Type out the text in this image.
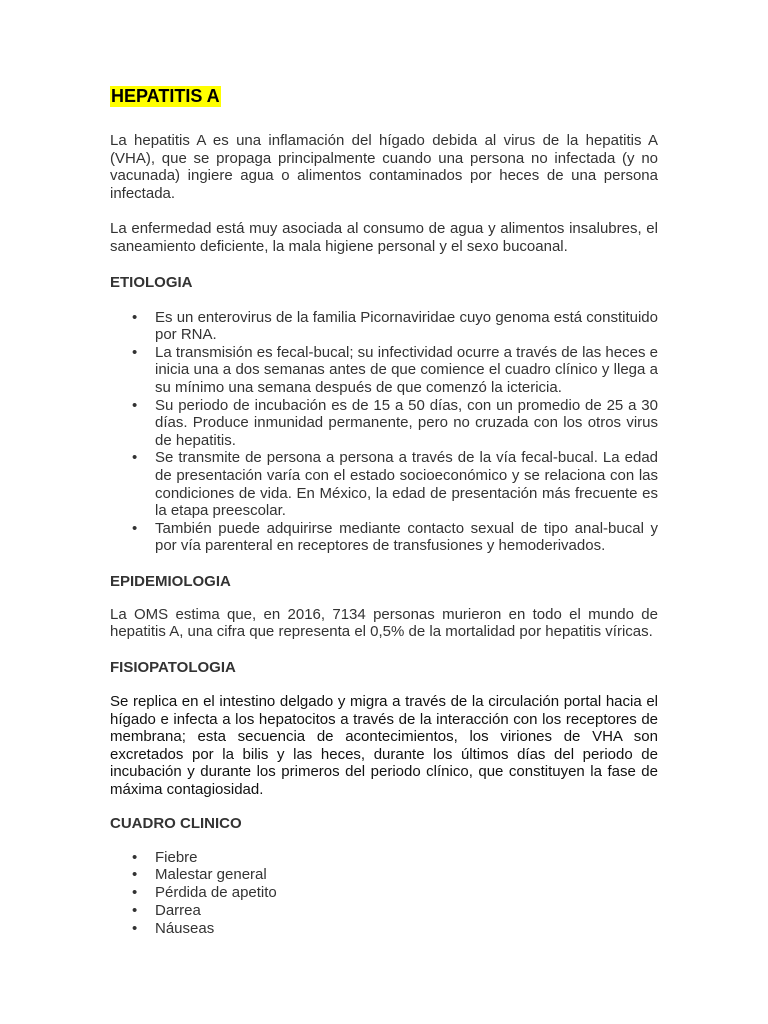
HEPATITIS A

La hepatitis A es una inflamación del hígado debida al virus de la hepatitis A (VHA), que se propaga principalmente cuando una persona no infectada (y no vacunada) ingiere agua o alimentos contaminados por heces de una persona infectada.

La enfermedad está muy asociada al consumo de agua y alimentos insalubres, el saneamiento deficiente, la mala higiene personal y el sexo bucoanal.

ETIOLOGIA
• Es un enterovirus de la familia Picornaviridae cuyo genoma está constituido por RNA.
• La transmisión es fecal-bucal; su infectividad ocurre a través de las heces e inicia una a dos semanas antes de que comience el cuadro clínico y llega a su mínimo una semana después de que comenzó la ictericia.
• Su periodo de incubación es de 15 a 50 días, con un promedio de 25 a 30 días. Produce inmunidad permanente, pero no cruzada con los otros virus de hepatitis.
• Se transmite de persona a persona a través de la vía fecal-bucal. La edad de presentación varía con el estado socioeconómico y se relaciona con las condiciones de vida. En México, la edad de presentación más frecuente es la etapa preescolar.
• También puede adquirirse mediante contacto sexual de tipo anal-bucal y por vía parenteral en receptores de transfusiones y hemoderivados.
EPIDEMIOLOGIA

La OMS estima que, en 2016, 7134 personas murieron en todo el mundo de hepatitis A, una cifra que representa el 0,5% de la mortalidad por hepatitis víricas.

FISIOPATOLOGIA

Se replica en el intestino delgado y migra a través de la circulación portal hacia el hígado e infecta a los hepatocitos a través de la interacción con los receptores de membrana; esta secuencia de acontecimientos, los viriones de VHA son excretados por la bilis y las heces, durante los últimos días del periodo de incubación y durante los primeros del periodo clínico, que constituyen la fase de máxima contagiosidad.

CUADRO CLINICO
• Fiebre
• Malestar general
• Pérdida de apetito
• Darrea
• Náuseas
